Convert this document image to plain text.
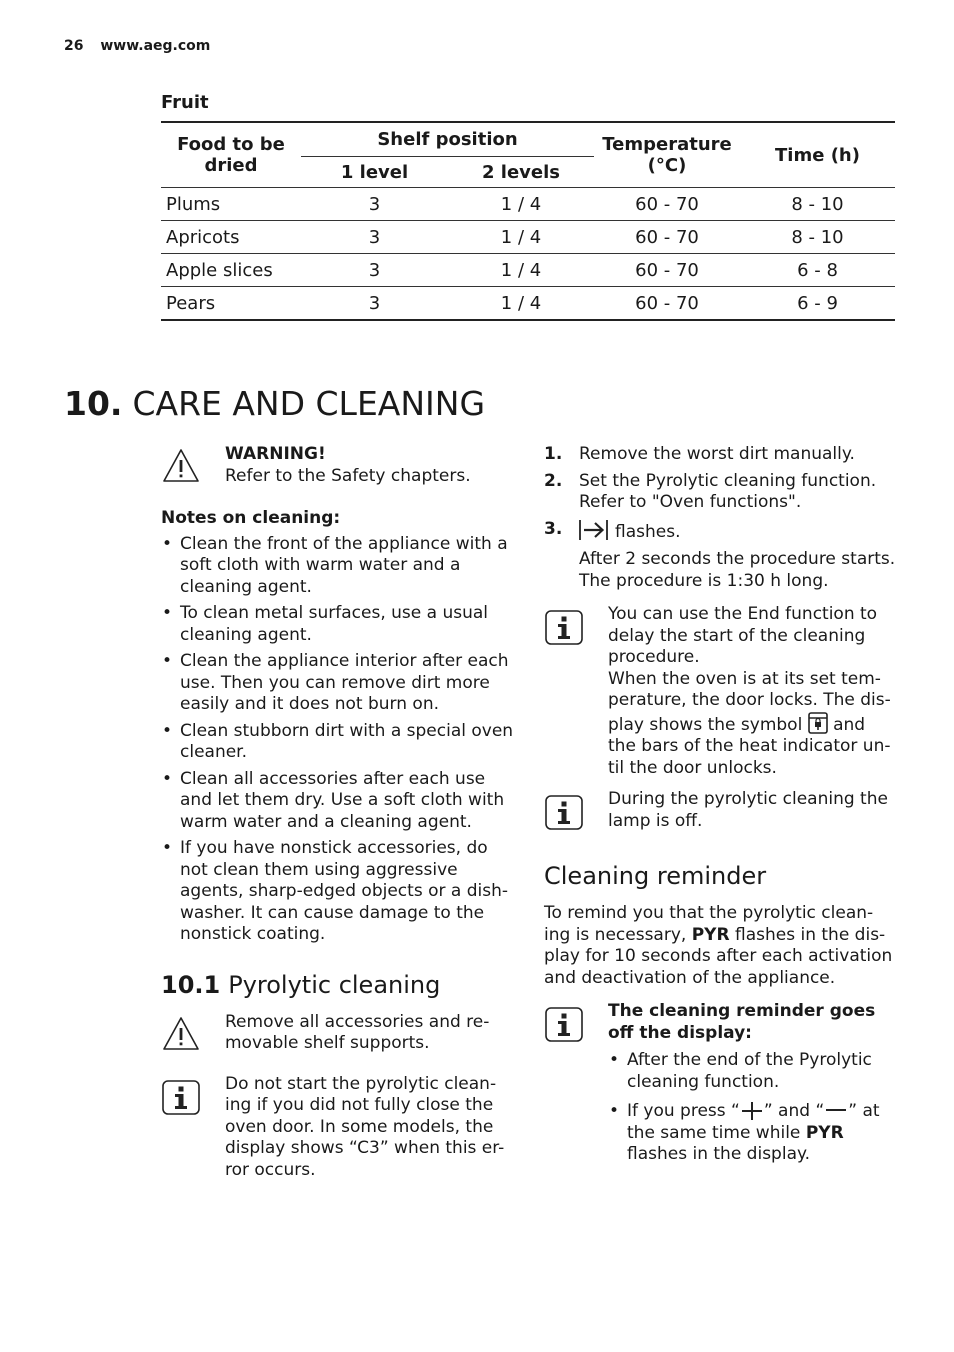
26 www.aeg.com
Fruit
Food to be dried	Shelf position		Temperature (°C)	Time (h)
	1 level	2 levels		
Plums	3	1 / 4	60 - 70	8 - 10
Apricots	3	1 / 4	60 - 70	8 - 10
Apple slices	3	1 / 4	60 - 70	6 - 8
Pears	3	1 / 4	60 - 70	6 - 9
10. CARE AND CLEANING
WARNING!
Refer to the Safety chapters.
Notes on cleaning:
• Clean the front of the appliance with a soft cloth with warm water and a cleaning agent.
• To clean metal surfaces, use a usual cleaning agent.
• Clean the appliance interior after each use. Then you can remove dirt more easily and it does not burn on.
• Clean stubborn dirt with a special oven cleaner.
• Clean all accessories after each use and let them dry. Use a soft cloth with warm water and a cleaning agent.
• If you have nonstick accessories, do not clean them using aggressive agents, sharp-edged objects or a dish-washer. It can cause damage to the nonstick coating.
10.1 Pyrolytic cleaning
Remove all accessories and re-movable shelf supports.
Do not start the pyrolytic clean-ing if you did not fully close the oven door. In some models, the display shows “C3” when this er-ror occurs.
1. Remove the worst dirt manually.
2. Set the Pyrolytic cleaning function. Refer to "Oven functions".
3.	flashes.
After 2 seconds the procedure starts. The procedure is 1:30 h long.
You can use the End function to delay the start of the cleaning procedure.
When the oven is at its set tem-perature, the door locks. The dis-play shows the symbol and the bars of the heat indicator un-til the door unlocks.
During the pyrolytic cleaning the lamp is off.
Cleaning reminder
To remind you that the pyrolytic clean-ing is necessary, PYR flashes in the dis-play for 10 seconds after each activation and deactivation of the appliance.
The cleaning reminder goes off the display:
• After the end of the Pyrolytic cleaning function.
• If you press “ ” and “ ” at the same time while PYR flashes in the display.
